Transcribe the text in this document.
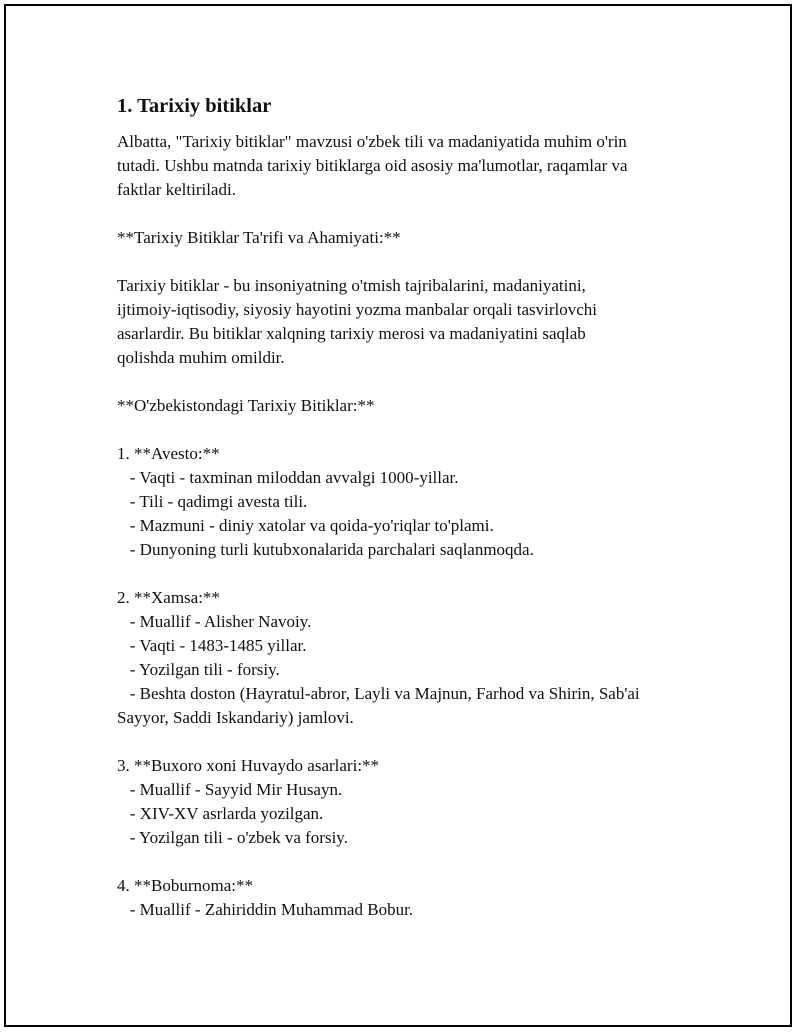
1. Tarixiy bitiklar

Albatta, "Tarixiy bitiklar" mavzusi o'zbek tili va madaniyatida muhim o'rin
tutadi. Ushbu matnda tarixiy bitiklarga oid asosiy ma'lumotlar, raqamlar va
faktlar keltiriladi.

**Tarixiy Bitiklar Ta'rifi va Ahamiyati:**

Tarixiy bitiklar - bu insoniyatning o'tmish tajribalarini, madaniyatini,
ijtimoiy-iqtisodiy, siyosiy hayotini yozma manbalar orqali tasvirlovchi
asarlardir. Bu bitiklar xalqning tarixiy merosi va madaniyatini saqlab
qolishda muhim omildir.

**O'zbekistondagi Tarixiy Bitiklar:**

1. **Avesto:**

- Vaqti - taxminan miloddan avvalgi 1000-yillar.

- Tili - qadimgi avesta tili.

- Mazmuni - diniy xatolar va qoida-yo'riqlar to'plami.

- Dunyoning turli kutubxonalarida parchalari saqlanmoqda.

2. **Xamsa:**

- Muallif - Alisher Navoiy.

- Vaqti - 1483-1485 yillar.

- Yozilgan tili - forsiy.

- Beshta doston (Hayratul-abror, Layli va Majnun, Farhod va Shirin, Sab'ai
Sayyor, Saddi Iskandariy) jamlovi.

3. **Buxoro xoni Huvaydo asarlari:**

- Muallif - Sayyid Mir Husayn.

- XIV-XV asrlarda yozilgan.

- Yozilgan tili - o'zbek va forsiy.

4. **Boburnoma:**

- Muallif - Zahiriddin Muhammad Bobur.
